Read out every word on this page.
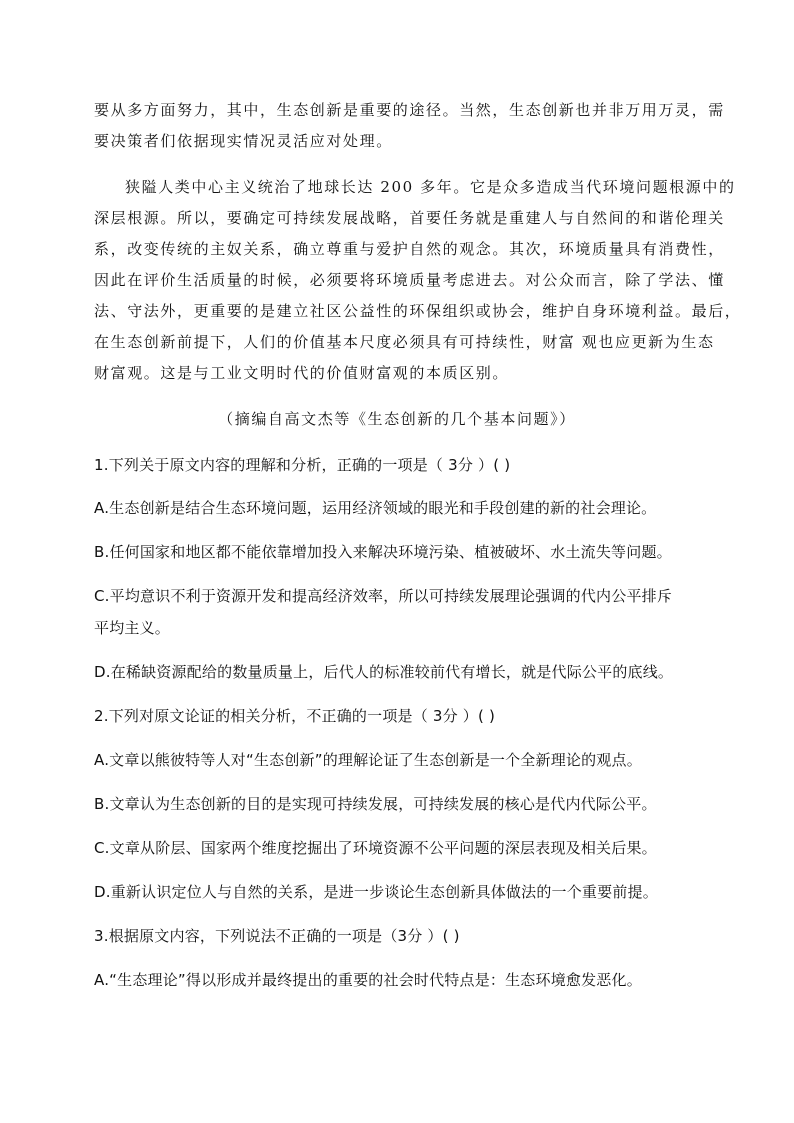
要从多方面努力，其中，生态创新是重要的途径。当然，生态创新也并非万用万灵，需
要决策者们依据现实情况灵活应对处理。
狭隘人类中心主义统治了地球长达 200 多年。它是众多造成当代环境问题根源中的
深层根源。所以，要确定可持续发展战略，首要任务就是重建人与自然间的和谐伦理关
系，改变传统的主奴关系，确立尊重与爱护自然的观念。其次，环境质量具有消费性，
因此在评价生活质量的时候，必须要将环境质量考虑进去。对公众而言，除了学法、懂
法、守法外，更重要的是建立社区公益性的环保组织或协会，维护自身环境利益。最后，
在生态创新前提下，人们的价值基本尺度必须具有可持续性，财富 观也应更新为生态
财富观。这是与工业文明时代的价值财富观的本质区别。
（摘编自高文杰等《生态创新的几个基本问题》）
1.下列关于原文内容的理解和分析，正确的一项是（ 3分 ）( )
A.生态创新是结合生态环境问题，运用经济领域的眼光和手段创建的新的社会理论。
B.任何国家和地区都不能依靠增加投入来解决环境污染、植被破坏、水土流失等问题。
C.平均意识不利于资源开发和提高经济效率，所以可持续发展理论强调的代内公平排斥
平均主义。
D.在稀缺资源配给的数量质量上，后代人的标准较前代有增长，就是代际公平的底线。
2.下列对原文论证的相关分析，不正确的一项是（ 3分 ）( )
A.文章以熊彼特等人对“生态创新”的理解论证了生态创新是一个全新理论的观点。
B.文章认为生态创新的目的是实现可持续发展，可持续发展的核心是代内代际公平。
C.文章从阶层、国家两个维度挖掘出了环境资源不公平问题的深层表现及相关后果。
D.重新认识定位人与自然的关系，是进一步谈论生态创新具体做法的一个重要前提。
3.根据原文内容，下列说法不正确的一项是（3分 ）( )
A.“生态理论”得以形成并最终提出的重要的社会时代特点是：生态环境愈发恶化。
